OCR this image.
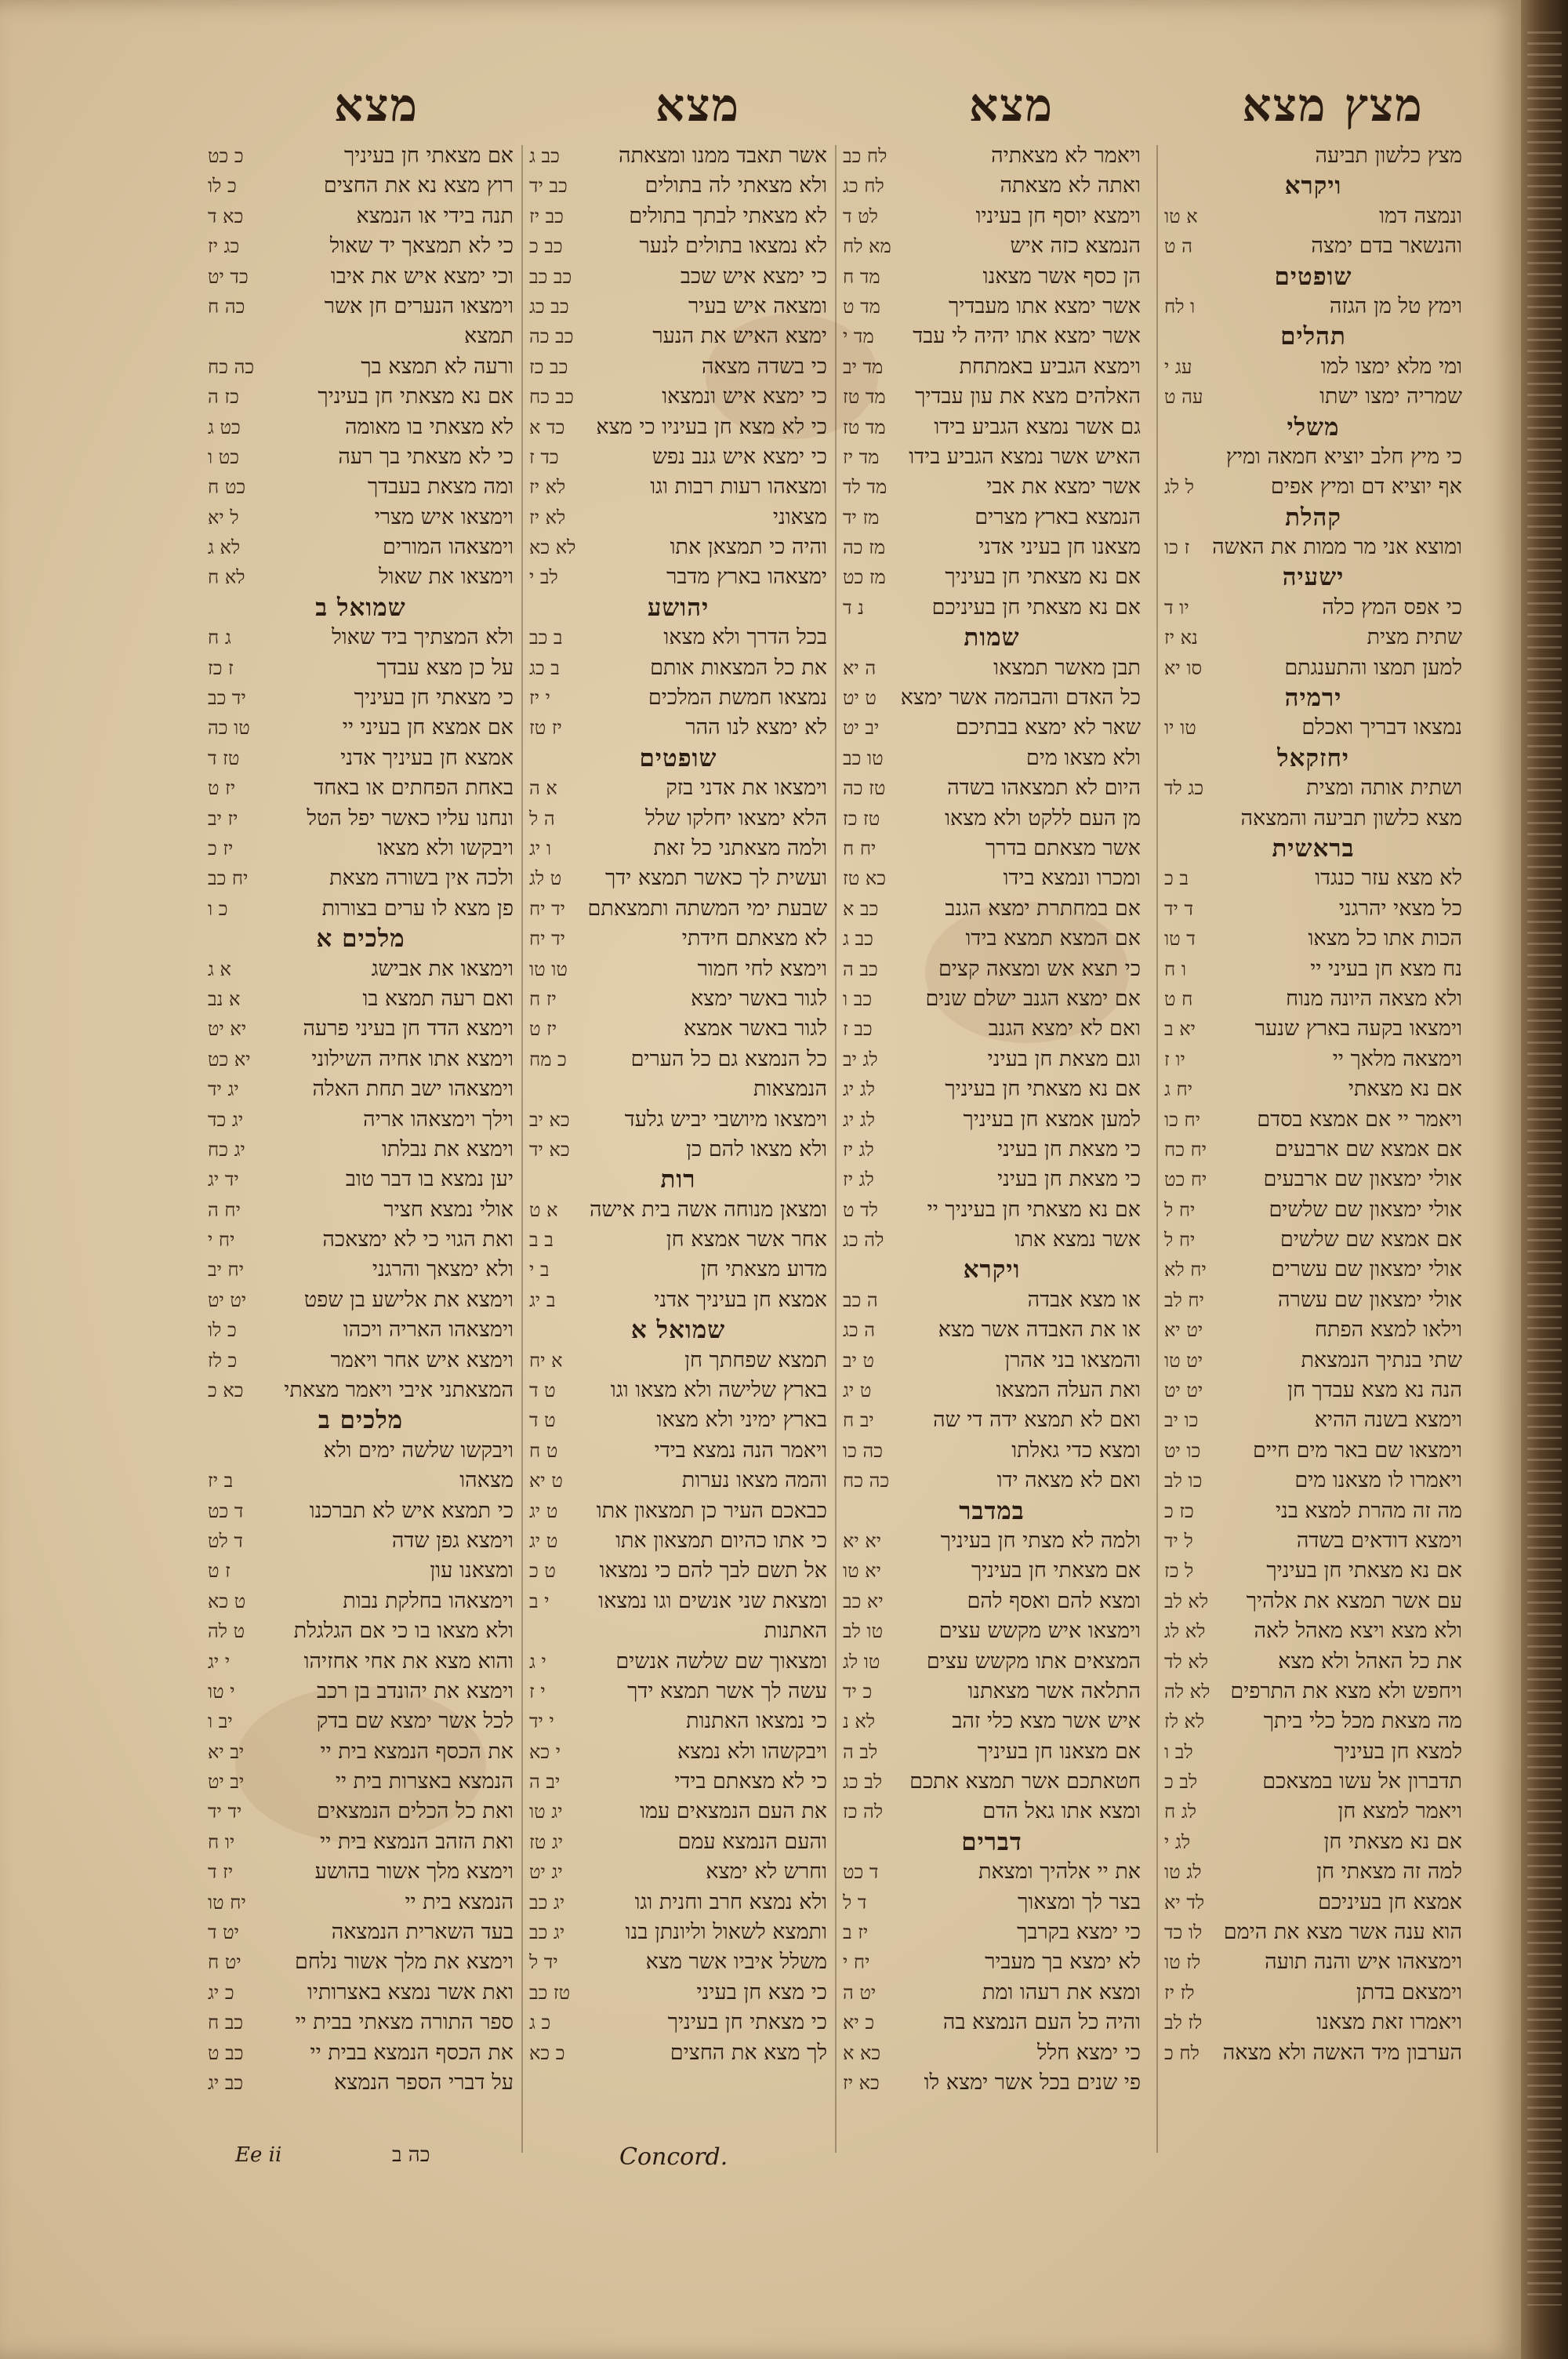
מצץ מצא
מצא
מצא
מצא
מצץ כלשון תביעה
ויקרא
ונמצה דמו
א טו
והנשאר בדם ימצה
ה ט
שופטים
וימץ טל מן הגזה
ו לח
תהלים
ומי מלא ימצו למו
עג י
שמריה ימצו ישתו
עה ט
משלי
כי מיץ חלב יוציא חמאה ומיץ
אף יוציא דם ומיץ אפים
ל לג
קהלת
ומוצא אני מר ממות את האשה
ז כו
ישעיה
כי אפס המץ כלה
יו ד
שתית מצית
נא יז
למען תמצו והתענגתם
סו יא
ירמיה
נמצאו דבריך ואכלם
טו יו
יחזקאל
ושתית אותה ומצית
כג לד
מצא כלשון תביעה והמצאה
בראשית
לא מצא עזר כנגדו
ב כ
כל מצאי יהרגני
ד יד
הכות אתו כל מצאו
ד טו
נח מצא חן בעיני יי
ו ח
ולא מצאה היונה מנוח
ח ט
וימצאו בקעה בארץ שנער
יא ב
וימצאה מלאך יי
יו ז
אם נא מצאתי
יח ג
ויאמר יי אם אמצא בסדם
יח כו
אם אמצא שם ארבעים
יח כח
אולי ימצאון שם ארבעים
יח כט
אולי ימצאון שם שלשים
יח ל
אם אמצא שם שלשים
יח ל
אולי ימצאון שם עשרים
יח לא
אולי ימצאון שם עשרה
יח לב
וילאו למצא הפתח
יט יא
שתי בנתיך הנמצאת
יט טו
הנה נא מצא עבדך חן
יט יט
וימצא בשנה ההיא
כו יב
וימצאו שם באר מים חיים
כו יט
ויאמרו לו מצאנו מים
כו לב
מה זה מהרת למצא בני
כז כ
וימצא דודאים בשדה
ל יד
אם נא מצאתי חן בעיניך
ל כז
עם אשר תמצא את אלהיך
לא לב
ולא מצא ויצא מאהל לאה
לא לג
את כל האהל ולא מצא
לא לד
ויחפש ולא מצא את התרפים
לא לה
מה מצאת מכל כלי ביתך
לא לז
למצא חן בעיניך
לב ו
תדברון אל עשו במצאכם
לב כ
ויאמר למצא חן
לג ח
אם נא מצאתי חן
לג י
למה זה מצאתי חן
לג טו
אמצא חן בעיניכם
לד יא
הוא ענה אשר מצא את הימם
לו כד
וימצאהו איש והנה תועה
לז טו
וימצאם בדתן
לז יז
ויאמרו זאת מצאנו
לז לב
הערבון מיד האשה ולא מצאה
לח כ
ויאמר לא מצאתיה
לח כב
ואתה לא מצאתה
לח כג
וימצא יוסף חן בעיניו
לט ד
הנמצא כזה איש
מא לח
הן כסף אשר מצאנו
מד ח
אשר ימצא אתו מעבדיך
מד ט
אשר ימצא אתו יהיה לי עבד
מד י
וימצא הגביע באמתחת
מד יב
האלהים מצא את עון עבדיך
מד טז
גם אשר נמצא הגביע בידו
מד טז
האיש אשר נמצא הגביע בידו
מד יז
אשר ימצא את אבי
מד לד
הנמצא בארץ מצרים
מז יד
מצאנו חן בעיני אדני
מז כה
אם נא מצאתי חן בעיניך
מז כט
אם נא מצאתי חן בעיניכם
נ ד
שמות
תבן מאשר תמצאו
ה יא
כל האדם והבהמה אשר ימצא
ט יט
שאר לא ימצא בבתיכם
יב יט
ולא מצאו מים
טו כב
היום לא תמצאהו בשדה
טז כה
מן העם ללקט ולא מצאו
טז כז
אשר מצאתם בדרך
יח ח
ומכרו ונמצא בידו
כא טז
אם במחתרת ימצא הגנב
כב א
אם המצא תמצא בידו
כב ג
כי תצא אש ומצאה קצים
כב ה
אם ימצא הגנב ישלם שנים
כב ו
ואם לא ימצא הגנב
כב ז
וגם מצאת חן בעיני
לג יב
אם נא מצאתי חן בעיניך
לג יג
למען אמצא חן בעיניך
לג יג
כי מצאת חן בעיני
לג יז
כי מצאת חן בעיני
לג יז
אם נא מצאתי חן בעיניך יי
לד ט
אשר נמצא אתו
לה כג
ויקרא
או מצא אבדה
ה כב
או את האבדה אשר מצא
ה כג
והמצאו בני אהרן
ט יב
ואת העלה המצאו
ט יג
ואם לא תמצא ידה די שה
יב ח
ומצא כדי גאלתו
כה כו
ואם לא מצאה ידו
כה כח
במדבר
ולמה לא מצתי חן בעיניך
יא יא
אם מצאתי חן בעיניך
יא טו
ומצא להם ואסף להם
יא כב
וימצאו איש מקשש עצים
טו לב
המצאים אתו מקשש עצים
טו לג
התלאה אשר מצאתנו
כ יד
איש אשר מצא כלי זהב
לא נ
אם מצאנו חן בעיניך
לב ה
חטאתכם אשר תמצא אתכם
לב כג
ומצא אתו גאל הדם
לה כז
דברים
את יי אלהיך ומצאת
ד כט
בצר לך ומצאוך
ד ל
כי ימצא בקרבך
יז ב
לא ימצא בך מעביר
יח י
ומצא את רעהו ומת
יט ה
והיה כל העם הנמצא בה
כ יא
כי ימצא חלל
כא א
פי שנים בכל אשר ימצא לו
כא יז
אשר תאבד ממנו ומצאתה
כב ג
ולא מצאתי לה בתולים
כב יד
לא מצאתי לבתך בתולים
כב יז
לא נמצאו בתולים לנער
כב כ
כי ימצא איש שכב
כב כב
ומצאה איש בעיר
כב כג
ימצא האיש את הנער
כב כה
כי בשדה מצאה
כב כז
כי ימצא איש ונמצאו
כב כח
כי לא מצא חן בעיניו כי מצא
כד א
כי ימצא איש גנב נפש
כד ז
ומצאהו רעות רבות וגו
לא יז
מצאוני
לא יז
והיה כי תמצאן אתו
לא כא
ימצאהו בארץ מדבר
לב י
יהושע
בכל הדרך ולא מצאו
ב כב
את כל המצאות אותם
ב כג
נמצאו חמשת המלכים
י יז
לא ימצא לנו ההר
יז טז
שופטים
וימצאו את אדני בזק
א ה
הלא ימצאו יחלקו שלל
ה ל
ולמה מצאתני כל זאת
ו יג
ועשית לך כאשר תמצא ידך
ט לג
שבעת ימי המשתה ותמצאתם
יד יח
לא מצאתם חידתי
יד יח
וימצא לחי חמור
טו טו
לגור באשר ימצא
יז ח
לגור באשר אמצא
יז ט
כל הנמצא גם כל הערים
כ מח
הנמצאות
וימצאו מיושבי יביש גלעד
כא יב
ולא מצאו להם כן
כא יד
רות
ומצאן מנוחה אשה בית אישה
א ט
אחר אשר אמצא חן
ב ב
מדוע מצאתי חן
ב י
אמצא חן בעיניך אדני
ב יג
שמואל א
תמצא שפחתך חן
א יח
בארץ שלישה ולא מצאו וגו
ט ד
בארץ ימיני ולא מצאו
ט ד
ויאמר הנה נמצא בידי
ט ח
והמה מצאו נערות
ט יא
כבאכם העיר כן תמצאון אתו
ט יג
כי אתו כהיום תמצאון אתו
ט יג
אל תשם לבך להם כי נמצאו
ט כ
ומצאת שני אנשים וגו נמצאו
י ב
האתנות
ומצאוך שם שלשה אנשים
י ג
עשה לך אשר תמצא ידך
י ז
כי נמצאו האתנות
י יד
ויבקשהו ולא נמצא
י כא
כי לא מצאתם בידי
יב ה
את העם הנמצאים עמו
יג טו
והעם הנמצא עמם
יג טז
וחרש לא ימצא
יג יט
ולא נמצא חרב וחנית וגו
יג כב
ותמצא לשאול וליונתן בנו
יג כב
משלל איביו אשר מצא
יד ל
כי מצא חן בעיני
טז כב
כי מצאתי חן בעיניך
כ ג
לך מצא את החצים
כ כא
אם מצאתי חן בעיניך
כ כט
רוץ מצא נא את החצים
כ לו
תנה בידי או הנמצא
כא ד
כי לא תמצאך יד שאול
כג יז
וכי ימצא איש את איבו
כד יט
וימצאו הנערים חן אשר
כה ח
תמצא
ורעה לא תמצא בך
כה כח
אם נא מצאתי חן בעיניך
כז ה
לא מצאתי בו מאומה
כט ג
כי לא מצאתי בך רעה
כט ו
ומה מצאת בעבדך
כט ח
וימצאו איש מצרי
ל יא
וימצאהו המורים
לא ג
וימצאו את שאול
לא ח
שמואל ב
ולא המצתיך ביד שאול
ג ח
על כן מצא עבדך
ז כז
כי מצאתי חן בעיניך
יד כב
אם אמצא חן בעיני יי
טו כה
אמצא חן בעיניך אדני
טז ד
באחת הפחתים או באחד
יז ט
ונחנו עליו כאשר יפל הטל
יז יב
ויבקשו ולא מצאו
יז כ
ולכה אין בשורה מצאת
יח כב
פן מצא לו ערים בצורות
כ ו
מלכים א
וימצאו את אבישג
א ג
ואם רעה תמצא בו
א נב
וימצא הדד חן בעיני פרעה
יא יט
וימצא אתו אחיה השילוני
יא כט
וימצאהו ישב תחת האלה
יג יד
וילך וימצאהו אריה
יג כד
וימצא את נבלתו
יג כח
יען נמצא בו דבר טוב
יד יג
אולי נמצא חציר
יח ה
ואת הגוי כי לא ימצאכה
יח י
ולא ימצאך והרגני
יח יב
וימצא את אלישע בן שפט
יט יט
וימצאהו האריה ויכהו
כ לו
וימצא איש אחר ויאמר
כ לז
המצאתני איבי ויאמר מצאתי
כא כ
מלכים ב
ויבקשו שלשה ימים ולא
מצאהו
ב יז
כי תמצא איש לא תברכנו
ד כט
וימצא גפן שדה
ד לט
ומצאנו עון
ז ט
וימצאהו בחלקת נבות
ט כא
ולא מצאו בו כי אם הגלגלת
ט לה
והוא מצא את אחי אחזיהו
י יג
וימצא את יהונדב בן רכב
י טו
לכל אשר ימצא שם בדק
יב ו
את הכסף הנמצא בית יי
יב יא
הנמצא באצרות בית יי
יב יט
ואת כל הכלים הנמצאים
יד יד
ואת הזהב הנמצא בית יי
יו ח
וימצא מלך אשור בהושע
יז ד
הנמצא בית יי
יח טו
בעד השארית הנמצאה
יט ד
וימצא את מלך אשור נלחם
יט ח
ואת אשר נמצא באצרותיו
כ יג
ספר התורה מצאתי בבית יי
כב ח
את הכסף הנמצא בבית יי
כב ט
על דברי הספר הנמצא
כב יג
Ee ii	כה ב	Concord.
